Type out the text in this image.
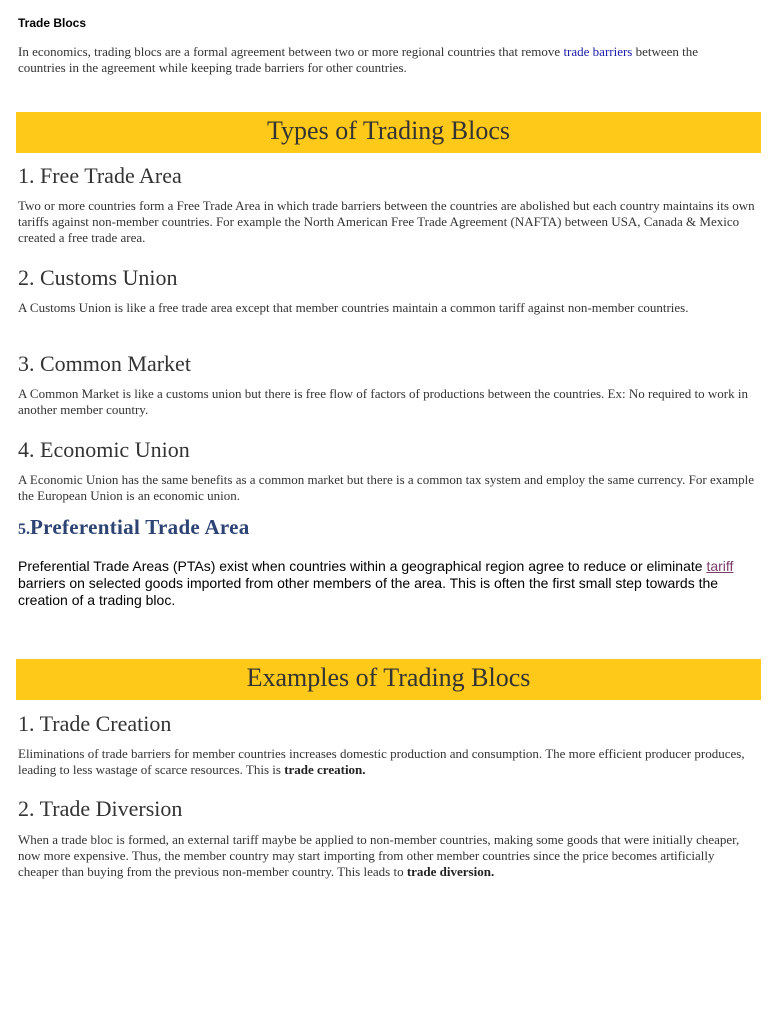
Trade Blocs
In economics, trading blocs are a formal agreement between two or more regional countries that remove trade barriers between the countries in the agreement while keeping trade barriers for other countries.
Types of Trading Blocs
1. Free Trade Area
Two or more countries form a Free Trade Area in which trade barriers between the countries are abolished but each country maintains its own tariffs against non-member countries. For example the North American Free Trade Agreement (NAFTA) between USA, Canada & Mexico created a free trade area.
2. Customs Union
A Customs Union is like a free trade area except that member countries maintain a common tariff against non-member countries.
3. Common Market
A Common Market is like a customs union but there is free flow of factors of productions between the countries. Ex: No required to work in another member country.
4. Economic Union
A Economic Union has the same benefits as a common market but there is a common tax system and employ the same currency. For example the European Union is an economic union.
5.Preferential Trade Area
Preferential Trade Areas (PTAs) exist when countries within a geographical region agree to reduce or eliminate tariff barriers on selected goods imported from other members of the area. This is often the first small step towards the creation of a trading bloc.
Examples of Trading Blocs
1. Trade Creation
Eliminations of trade barriers for member countries increases domestic production and consumption. The more efficient producer produces, leading to less wastage of scarce resources. This is trade creation.
2. Trade Diversion
When a trade bloc is formed, an external tariff maybe be applied to non-member countries, making some goods that were initially cheaper, now more expensive. Thus, the member country may start importing from other member countries since the price becomes artificially cheaper than buying from the previous non-member country. This leads to trade diversion.
